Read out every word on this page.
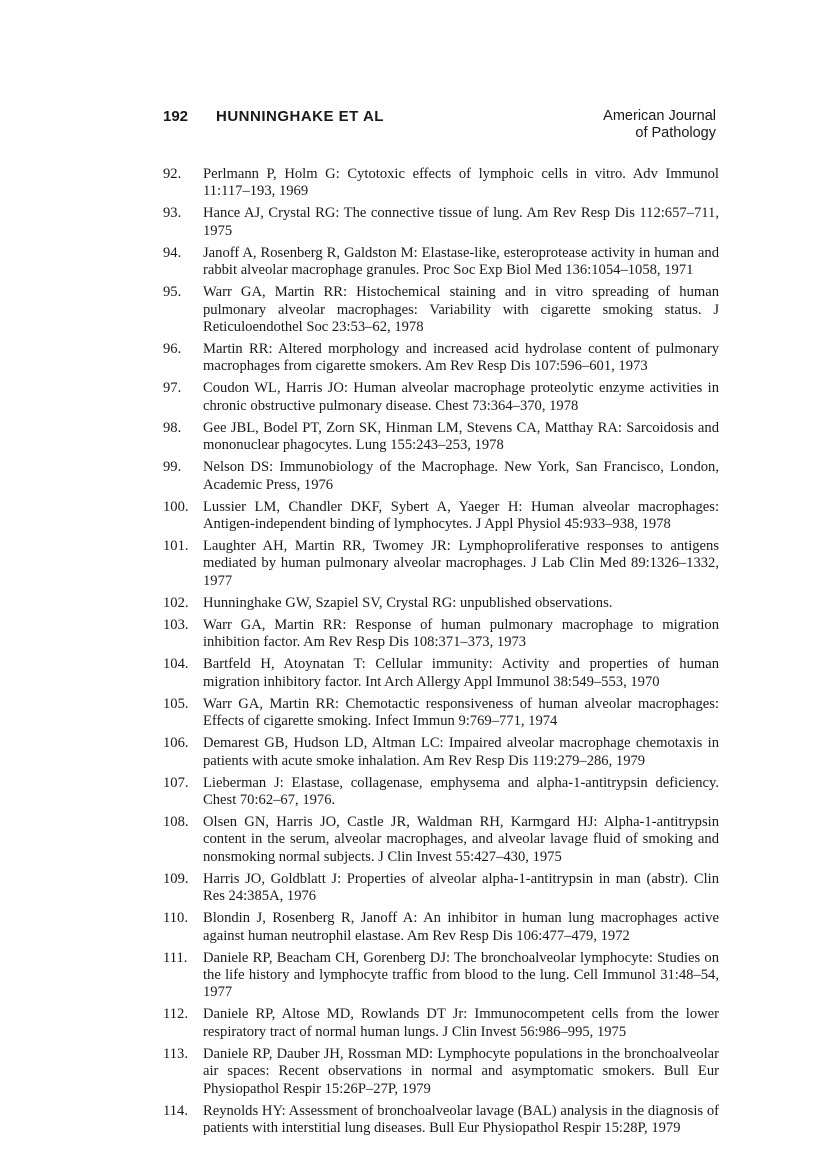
192 HUNNINGHAKE ET AL	American Journal
of Pathology
92.	Perlmann P, Holm G: Cytotoxic effects of lymphoic cells in vitro. Adv Immunol 11:117–193, 1969
93.	Hance AJ, Crystal RG: The connective tissue of lung. Am Rev Resp Dis 112:657–711, 1975
94.	Janoff A, Rosenberg R, Galdston M: Elastase-like, esteroprotease activity in human and rabbit alveolar macrophage granules. Proc Soc Exp Biol Med 136:1054–1058, 1971
95.	Warr GA, Martin RR: Histochemical staining and in vitro spreading of human pulmonary alveolar macrophages: Variability with cigarette smoking status. J Reticuloendothel Soc 23:53–62, 1978
96.	Martin RR: Altered morphology and increased acid hydrolase content of pulmonary macrophages from cigarette smokers. Am Rev Resp Dis 107:596–601, 1973
97.	Coudon WL, Harris JO: Human alveolar macrophage proteolytic enzyme activities in chronic obstructive pulmonary disease. Chest 73:364–370, 1978
98.	Gee JBL, Bodel PT, Zorn SK, Hinman LM, Stevens CA, Matthay RA: Sarcoidosis and mononuclear phagocytes. Lung 155:243–253, 1978
99.	Nelson DS: Immunobiology of the Macrophage. New York, San Francisco, London, Academic Press, 1976
100. Lussier LM, Chandler DKF, Sybert A, Yaeger H: Human alveolar macrophages: Antigen-independent binding of lymphocytes. J Appl Physiol 45:933–938, 1978
101. Laughter AH, Martin RR, Twomey JR: Lymphoproliferative responses to antigens mediated by human pulmonary alveolar macrophages. J Lab Clin Med 89:1326–1332, 1977
102. Hunninghake GW, Szapiel SV, Crystal RG: unpublished observations.
103. Warr GA, Martin RR: Response of human pulmonary macrophage to migration inhibition factor. Am Rev Resp Dis 108:371–373, 1973
104. Bartfeld H, Atoynatan T: Cellular immunity: Activity and properties of human migration inhibitory factor. Int Arch Allergy Appl Immunol 38:549–553, 1970
105. Warr GA, Martin RR: Chemotactic responsiveness of human alveolar macrophages: Effects of cigarette smoking. Infect Immun 9:769–771, 1974
106. Demarest GB, Hudson LD, Altman LC: Impaired alveolar macrophage chemotaxis in patients with acute smoke inhalation. Am Rev Resp Dis 119:279–286, 1979
107. Lieberman J: Elastase, collagenase, emphysema and alpha-1-antitrypsin deficiency. Chest 70:62–67, 1976.
108. Olsen GN, Harris JO, Castle JR, Waldman RH, Karmgard HJ: Alpha-1-antitrypsin content in the serum, alveolar macrophages, and alveolar lavage fluid of smoking and nonsmoking normal subjects. J Clin Invest 55:427–430, 1975
109. Harris JO, Goldblatt J: Properties of alveolar alpha-1-antitrypsin in man (abstr). Clin Res 24:385A, 1976
110.	Blondin J, Rosenberg R, Janoff A: An inhibitor in human lung macrophages active against human neutrophil elastase. Am Rev Resp Dis 106:477–479, 1972
111.	Daniele RP, Beacham CH, Gorenberg DJ: The bronchoalveolar lymphocyte: Studies on the life history and lymphocyte traffic from blood to the lung. Cell Immunol 31:48–54, 1977
112.	Daniele RP, Altose MD, Rowlands DT Jr: Immunocompetent cells from the lower respiratory tract of normal human lungs. J Clin Invest 56:986–995, 1975
113.	Daniele RP, Dauber JH, Rossman MD: Lymphocyte populations in the bronchoalveolar air spaces: Recent observations in normal and asymptomatic smokers. Bull Eur Physiopathol Respir 15:26P–27P, 1979
114.	Reynolds HY: Assessment of bronchoalveolar lavage (BAL) analysis in the diagnosis of patients with interstitial lung diseases. Bull Eur Physiopathol Respir 15:28P, 1979
